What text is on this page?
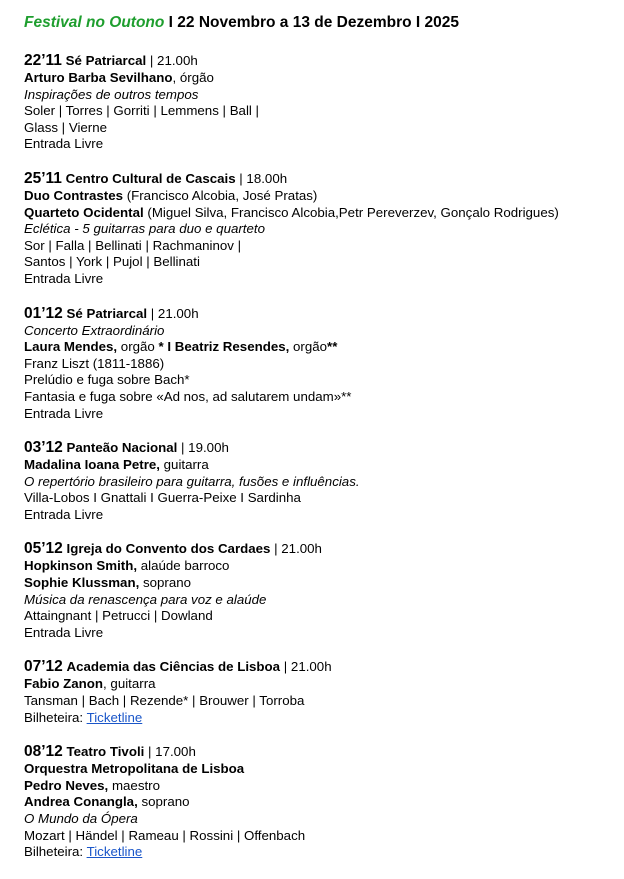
Festival no Outono I 22 Novembro a 13 de Dezembro I 2025
22’11 Sé Patriarcal | 21.00h
Arturo Barba Sevilhano, órgão
Inspirações de outros tempos
Soler | Torres | Gorriti | Lemmens | Ball |
Glass | Vierne
Entrada Livre
25’11 Centro Cultural de Cascais | 18.00h
Duo Contrastes (Francisco Alcobia, José Pratas)
Quarteto Ocidental (Miguel Silva, Francisco Alcobia,Petr Pereverzev, Gonçalo Rodrigues)
Eclética - 5 guitarras para duo e quarteto
Sor | Falla | Bellinati | Rachmaninov |
Santos | York | Pujol | Bellinati
Entrada Livre
01’12 Sé Patriarcal | 21.00h
Concerto Extraordinário
Laura Mendes, orgão * I Beatriz Resendes, orgão**
Franz Liszt (1811-1886)
Prelúdio e fuga sobre Bach*
Fantasia e fuga sobre «Ad nos, ad salutarem undam»**
Entrada Livre
03’12 Panteão Nacional | 19.00h
Madalina Ioana Petre, guitarra
O repertório brasileiro para guitarra, fusões e influências.
Villa-Lobos I Gnattali I Guerra-Peixe I Sardinha
Entrada Livre
05’12 Igreja do Convento dos Cardaes | 21.00h
Hopkinson Smith, alaúde barroco
Sophie Klussman, soprano
Música da renascença para voz e alaúde
Attaingnant | Petrucci | Dowland
Entrada Livre
07’12 Academia das Ciências de Lisboa | 21.00h
Fabio Zanon, guitarra
Tansman | Bach | Rezende* | Brouwer | Torroba
Bilheteira: Ticketline
08’12 Teatro Tivoli | 17.00h
Orquestra Metropolitana de Lisboa
Pedro Neves, maestro
Andrea Conangla, soprano
O Mundo da Ópera
Mozart | Händel | Rameau | Rossini | Offenbach
Bilheteira: Ticketline
